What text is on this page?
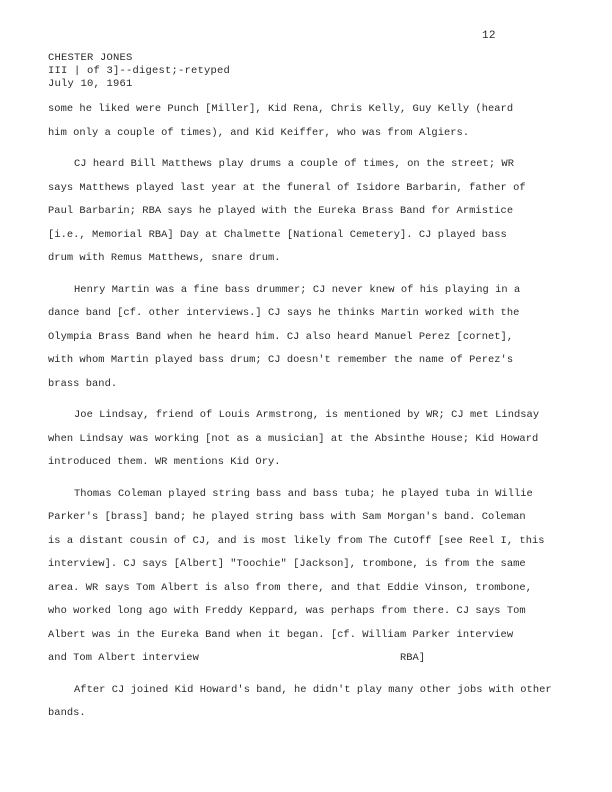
12
CHESTER JONES
III | of 3]--digest;-retyped
July 10, 1961
some he liked were Punch [Miller], Kid Rena, Chris Kelly, Guy Kelly (heard
him only a couple of times), and Kid Keiffer, who was from Algiers.
CJ heard Bill Matthews play drums a couple of times, on the street; WR
says Matthews played last year at the funeral of Isidore Barbarin, father of
Paul Barbarin; RBA says he played with the Eureka Brass Band for Armistice
[i.e., Memorial RBA] Day at Chalmette [National Cemetery]. CJ played bass
drum with Remus Matthews, snare drum.
Henry Martin was a fine bass drummer; CJ never knew of his playing in a
dance band [cf. other interviews.] CJ says he thinks Martin worked with the
Olympia Brass Band when he heard him. CJ also heard Manuel Perez [cornet],
with whom Martin played bass drum; CJ doesn't remember the name of Perez's
brass band.
Joe Lindsay, friend of Louis Armstrong, is mentioned by WR; CJ met Lindsay
when Lindsay was working [not as a musician] at the Absinthe House; Kid Howard
introduced them. WR mentions Kid Ory.
Thomas Coleman played string bass and bass tuba; he played tuba in Willie
Parker's [brass] band; he played string bass with Sam Morgan's band. Coleman
is a distant cousin of CJ, and is most likely from The CutOff [see Reel I, this
interview]. CJ says [Albert] "Toochie" [Jackson], trombone, is from the same
area. WR says Tom Albert is also from there, and that Eddie Vinson, trombone,
who worked long ago with Freddy Keppard, was perhaps from there. CJ says Tom
Albert was in the Eureka Band when it began. [cf. William Parker interview
and Tom Albert interview                                RBA]
After CJ joined Kid Howard's band, he didn't play many other jobs with other
bands.
